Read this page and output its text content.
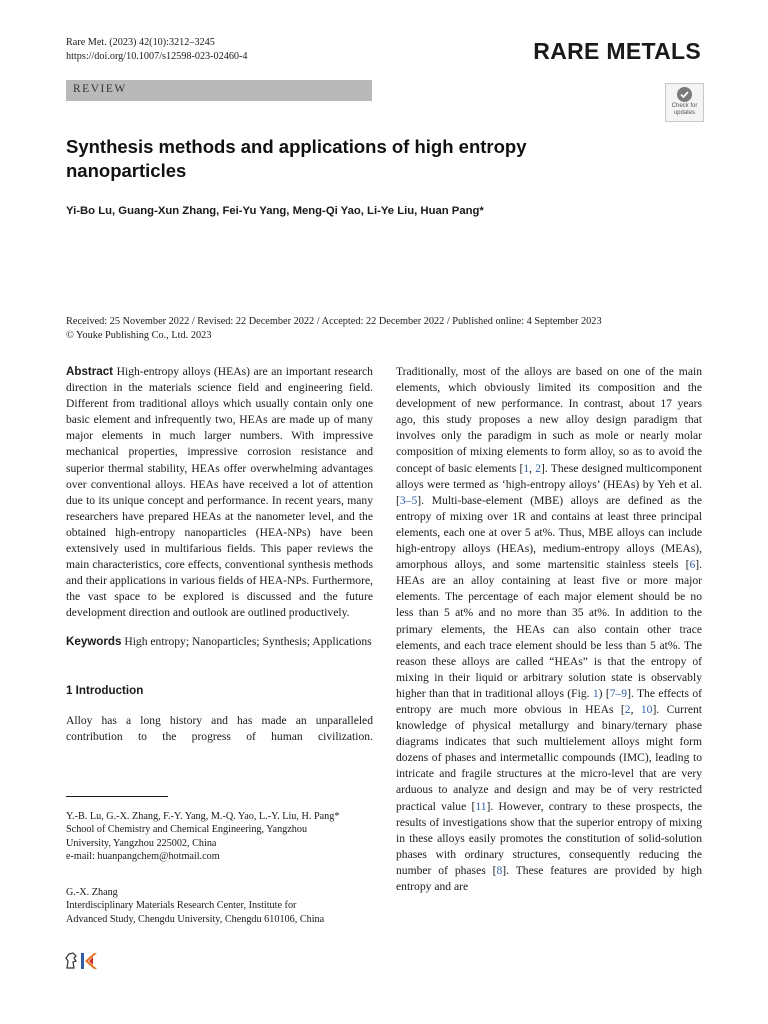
Rare Met. (2023) 42(10):3212–3245
https://doi.org/10.1007/s12598-023-02460-4	RARE METALS
REVIEW
Check for
updates
Synthesis methods and applications of high entropy
nanoparticles
Yi-Bo Lu, Guang-Xun Zhang, Fei-Yu Yang, Meng-Qi Yao, Li-Ye Liu, Huan Pang*
Received: 25 November 2022 / Revised: 22 December 2022 / Accepted: 22 December 2022 / Published online: 4 September 2023
© Youke Publishing Co., Ltd. 2023

Abstract High-entropy alloys (HEAs) are an important research direction in the materials science field and engineering field. Different from traditional alloys which usually contain only one basic element and infrequently two, HEAs are made up of many major elements in much larger numbers. With impressive mechanical properties, impressive corrosion resistance and superior thermal stability, HEAs offer overwhelming advantages over conventional alloys. HEAs have received a lot of attention due to its unique concept and performance. In recent years, many researchers have prepared HEAs at the nanometer level, and the obtained high-entropy nanoparticles (HEA-NPs) have been extensively used in multifarious fields. This paper reviews the main characteristics, core effects, conventional synthesis methods and their applications in various fields of HEA-NPs. Furthermore, the vast space to be explored is discussed and the future development direction and outlook are outlined productively.

Keywords High entropy; Nanoparticles; Synthesis; Applications

1 Introduction

Alloy has a long history and has made an unparalleled contribution to the progress of human civilization.

Y.-B. Lu, G.-X. Zhang, F.-Y. Yang, M.-Q. Yao, L.-Y. Liu, H. Pang*
School of Chemistry and Chemical Engineering, Yangzhou
University, Yangzhou 225002, China
e-mail: huanpangchem@hotmail.com
G.-X. Zhang
Interdisciplinary Materials Research Center, Institute for
Advanced Study, Chengdu University, Chengdu 610106, China

Traditionally, most of the alloys are based on one of the main elements, which obviously limited its composition and the development of new performance. In contrast, about 17 years ago, this study proposes a new alloy design paradigm that involves only the paradigm in such as mole or nearly molar composition of mixing elements to form alloy, so as to avoid the concept of basic elements [1, 2]. These designed multicomponent alloys were termed as ‘high-entropy alloys’ (HEAs) by Yeh et al. [3–5]. Multi-base-element (MBE) alloys are defined as the entropy of mixing over 1R and contains at least three principal elements, each one at over 5 at%. Thus, MBE alloys can include high-entropy alloys (HEAs), medium-entropy alloys (MEAs), amorphous alloys, and some martensitic stainless steels [6]. HEAs are an alloy containing at least five or more major elements. The percentage of each major element should be no less than 5 at% and no more than 35 at%. In addition to the primary elements, the HEAs can also contain other trace elements, and each trace element should be less than 5 at%. The reason these alloys are called “HEAs” is that the entropy of mixing in their liquid or arbitrary solution state is observably higher than that in traditional alloys (Fig. 1) [7–9]. The effects of entropy are much more obvious in HEAs [2, 10]. Current knowledge of physical metallurgy and binary/ternary phase diagrams indicates that such multielement alloys might form dozens of phases and intermetallic compounds (IMC), leading to intricate and fragile structures at the micro-level that are very arduous to analyze and design and may be of very restricted practical value [11]. However, contrary to these prospects, the results of investigations show that the superior entropy of mixing in these alloys easily promotes the constitution of solid-solution phases with ordinary structures, consequently reducing the number of phases [8]. These features are provided by high entropy and are
